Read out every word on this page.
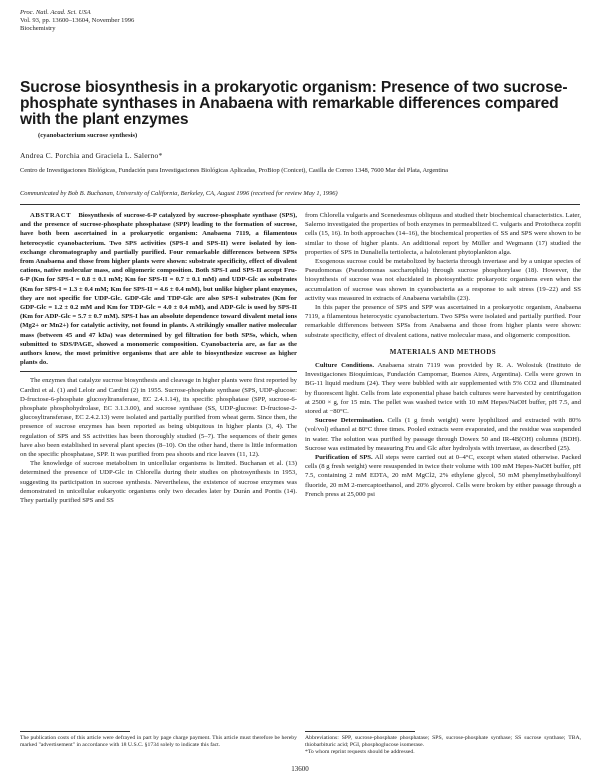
Proc. Natl. Acad. Sci. USA
Vol. 93, pp. 13600–13604, November 1996
Biochemistry
Sucrose biosynthesis in a prokaryotic organism: Presence of two sucrose-phosphate synthases in Anabaena with remarkable differences compared with the plant enzymes
(cyanobacterium sucrose synthesis)
Andrea C. Porchia and Graciela L. Salerno*
Centro de Investigaciones Biológicas, Fundación para Investigaciones Biológicas Aplicadas, ProBiop (Conicet), Casilla de Correo 1348, 7600 Mar del Plata, Argentina
Communicated by Bob B. Buchanan, University of California, Berkeley, CA, August 1996 (received for review May 1, 1996)

ABSTRACT Biosynthesis of sucrose-6-P catalyzed by sucrose-phosphate synthase (SPS), and the presence of sucrose-phosphate phosphatase (SPP) leading to the formation of sucrose, have both been ascertained in a prokaryotic organism: Anabaena 7119, a filamentous heterocystic cyanobacterium. Two SPS activities (SPS-I and SPS-II) were isolated by ion-exchange chromatography and partially purified. Four remarkable differences between SPSs from Anabaena and those from higher plants were shown: substrate specificity, effect of divalent cations, native molecular mass, and oligomeric composition. Both SPS-I and SPS-II accept Fru-6-P (Km for SPS-I = 0.8 ± 0.1 mM; Km for SPS-II = 0.7 ± 0.1 mM) and UDP-Glc as substrates (Km for SPS-I = 1.3 ± 0.4 mM; Km for SPS-II = 4.6 ± 0.4 mM), but unlike higher plant enzymes, they are not specific for UDP-Glc. GDP-Glc and TDP-Glc are also SPS-I substrates (Km for GDP-Glc = 1.2 ± 0.2 mM and Km for TDP-Glc = 4.0 ± 0.4 mM), and ADP-Glc is used by SPS-II (Km for ADP-Glc = 5.7 ± 0.7 mM). SPS-I has an absolute dependence toward divalent metal ions (Mg2+ or Mn2+) for catalytic activity, not found in plants. A strikingly smaller native molecular mass (between 45 and 47 kDa) was determined by gel filtration for both SPSs, which, when submitted to SDS/PAGE, showed a monomeric composition. Cyanobacteria are, as far as the authors know, the most primitive organisms that are able to biosynthesize sucrose as higher plants do.

The enzymes that catalyze sucrose biosynthesis and cleavage in higher plants were first reported by Cardini et al. (1) and Leloir and Cardini (2) in 1955. Sucrose-phosphate synthase (SPS, UDP-glucose: D-fructose-6-phosphate glucosyltransferase, EC 2.4.1.14), its specific phosphatase (SPP, sucrose-6-phosphate phosphohydrolase, EC 3.1.3.00), and sucrose synthase (SS, UDP-glucose: D-fructose-2-glucosyltransferase, EC 2.4.2.13) were isolated and partially purified from wheat germ. Since then, the presence of sucrose enzymes has been reported as being ubiquitous in higher plants (3, 4). The regulation of SPS and SS activities has been thoroughly studied (5–7). The sequences of their genes have also been established in several plant species (8–10). On the other hand, there is little information on the specific phosphatase, SPP. It was purified from pea shoots and rice leaves (11, 12).

The knowledge of sucrose metabolism in unicellular organisms is limited. Buchanan et al. (13) determined the presence of UDP-Glc in Chlorella during their studies on photosynthesis in 1953, suggesting its participation in sucrose synthesis. Nevertheless, the existence of sucrose enzymes was demonstrated in unicellular eukaryotic organisms only two decades later by Durán and Pontis (14). They partially purified SPS and SS

from Chlorella vulgaris and Scenedesmus obliquus and studied their biochemical characteristics. Later, Salerno investigated the properties of both enzymes in permeabilized C. vulgaris and Prototheca zopfii cells (15, 16). In both approaches (14–16), the biochemical properties of SS and SPS were shown to be similar to those of higher plants. An additional report by Müller and Wegmann (17) studied the properties of SPS in Dunaliella tertiolecta, a halotolerant phytoplankton alga.

Exogenous sucrose could be metabolized by bacteria through invertase and by a unique species of Pseudomonas (Pseudomonas saccharophila) through sucrose phosphorylase (18). However, the biosynthesis of sucrose was not elucidated in photosynthetic prokaryotic organisms even when the accumulation of sucrose was shown in cyanobacteria as a response to salt stress (19–22) and SS activity was measured in extracts of Anabaena variabilis (23).

In this paper the presence of SPS and SPP was ascertained in a prokaryotic organism, Anabaena 7119, a filamentous heterocystic cyanobacterium. Two SPSs were isolated and partially purified. Four remarkable differences between SPSs from Anabaena and those from higher plants were shown: substrate specificity, effect of divalent cations, native molecular mass, and oligomeric composition.

MATERIALS AND METHODS

Culture Conditions. Anabaena strain 7119 was provided by R. A. Wolosiuk (Instituto de Investigaciones Bioquímicas, Fundación Campomar, Buenos Aires, Argentina). Cells were grown in BG-11 liquid medium (24). They were bubbled with air supplemented with 5% CO2 and illuminated by fluorescent light. Cells from late exponential phase batch cultures were harvested by centrifugation at 2500 × g, for 15 min. The pellet was washed twice with 10 mM Hepes/NaOH buffer, pH 7.5, and stored at −80°C.

Sucrose Determination. Cells (1 g fresh weight) were lyophilized and extracted with 80% (vol/vol) ethanol at 80°C three times. Pooled extracts were evaporated, and the residue was suspended in water. The solution was purified by passage through Dowex 50 and IR-4B(OH) columns (BDH). Sucrose was estimated by measuring Fru and Glc after hydrolysis with invertase, as described (25).

Purification of SPS. All steps were carried out at 0–4°C, except when stated otherwise. Packed cells (8 g fresh weight) were resuspended in twice their volume with 100 mM Hepes-NaOH buffer, pH 7.5, containing 2 mM EDTA, 20 mM MgCl2, 2% ethylene glycol, 50 mM phenylmethylsulfonyl fluoride, 20 mM 2-mercaptoethanol, and 20% glycerol. Cells were broken by either passage through a French press at 25,000 psi

The publication costs of this article were defrayed in part by page charge payment. This article must therefore be hereby marked "advertisement" in accordance with 18 U.S.C. §1734 solely to indicate this fact.
Abbreviations: SPP, sucrose-phosphate phosphatase; SPS, sucrose-phosphate synthase; SS sucrose synthase; TBA, thiobarbituric acid; PGI, phosphoglucose isomerase.
*To whom reprint requests should be addressed.
13600
